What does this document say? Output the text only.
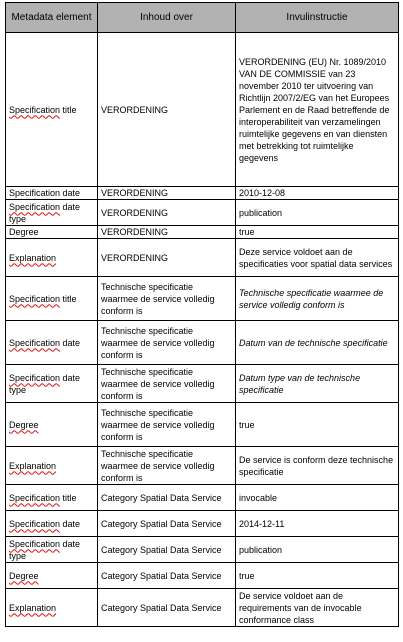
Metadata element	Inhoud over	Invulinstructie
Specification title	VERORDENING	VERORDENING (EU) Nr. 1089/2010 VAN DE COMMISSIE van 23 november 2010 ter uitvoering van Richtlijn 2007/2/EG van het Europees Parlement en de Raad betreffende de interoperabiliteit van verzamelingen ruimtelijke gegevens en van diensten met betrekking tot ruimtelijke gegevens
Specification date	VERORDENING	2010-12-08
Specification date type	VERORDENING	publication
Degree	VERORDENING	true
Explanation	VERORDENING	Deze service voldoet aan de specificaties voor spatial data services
Specification title	Technische specificatie waarmee de service volledig conform is	Technische specificatie waarmee de service volledig conform is
Specification date	Technische specificatie waarmee de service volledig conform is	Datum van de technische specificatie
Specification date type	Technische specificatie waarmee de service volledig conform is	Datum type van de technische specificatie
Degree	Technische specificatie waarmee de service volledig conform is	true
Explanation	Technische specificatie waarmee de service volledig conform is	De service is conform deze technische specificatie
Specification title	Category Spatial Data Service	invocable
Specification date	Category Spatial Data Service	2014-12-11
Specification date type	Category Spatial Data Service	publication
Degree	Category Spatial Data Service	true
Explanation	Category Spatial Data Service	De service voldoet aan de requirements van de invocable conformance class
